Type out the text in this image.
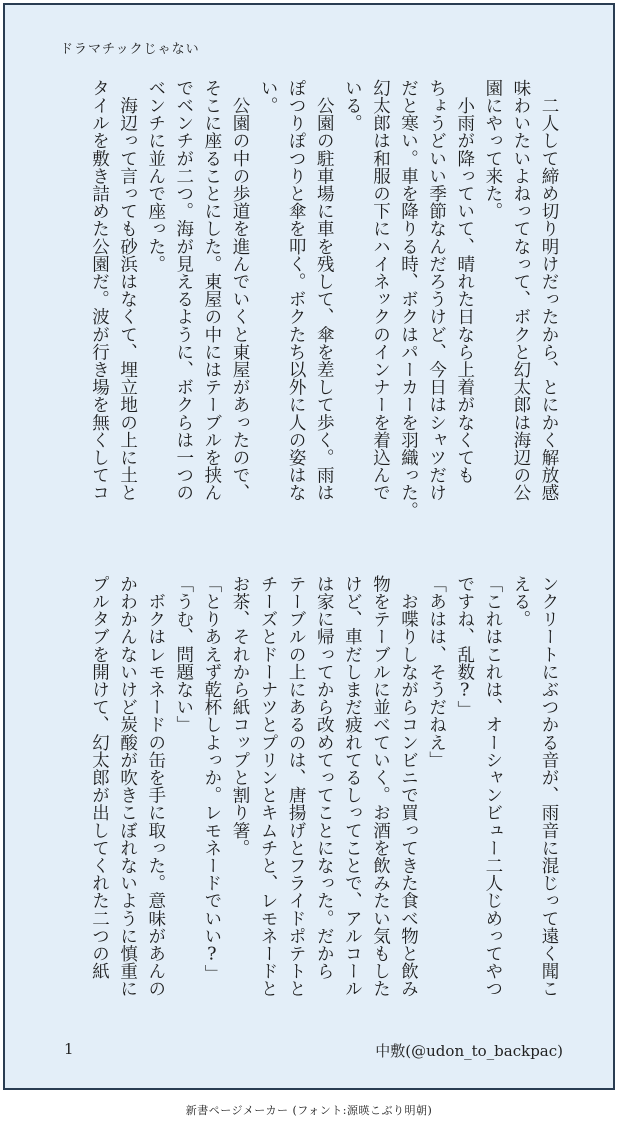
ドラマチックじゃない
　二人して締め切り明けだったから、とにかく解放感
味わいたいよねってなって、ボクと幻太郎は海辺の公
園にやって来た。
　小雨が降っていて、晴れた日なら上着がなくても
ちょうどいい季節なんだろうけど、今日はシャツだけ
だと寒い。車を降りる時、ボクはパーカーを羽織った。
幻太郎は和服の下にハイネックのインナーを着込んで
いる。
　公園の駐車場に車を残して、傘を差して歩く。雨は
ぽつりぽつりと傘を叩く。ボクたち以外に人の姿はな
い。
　公園の中の歩道を進んでいくと東屋があったので、
そこに座ることにした。東屋の中にはテーブルを挟ん
でベンチが二つ。海が見えるように、ボクらは一つの
ベンチに並んで座った。
　海辺って言っても砂浜はなくて、埋立地の上に土と
タイルを敷き詰めた公園だ。波が行き場を無くしてコ
ンクリートにぶつかる音が、雨音に混じって遠く聞こ
える。
「これはこれは、オーシャンビュー二人じめってやつ
ですね、乱数?」
「あはは、そうだねえ」
　お喋りしながらコンビニで買ってきた食べ物と飲み
物をテーブルに並べていく。お酒を飲みたい気もした
けど、車だしまだ疲れてるしってことで、アルコール
は家に帰ってから改めてってことになった。だから
テーブルの上にあるのは、唐揚げとフライドポテトと
チーズとドーナツとプリンとキムチと、レモネードと
お茶、それから紙コップと割り箸。
「とりあえず乾杯しよっか。レモネードでいい?」
「うむ、問題ない」
　ボクはレモネードの缶を手に取った。意味があんの
かわかんないけど炭酸が吹きこぼれないように慎重に
プルタブを開けて、幻太郎が出してくれた二つの紙
1	中敷(@udon_to_backpac)
新書ページメーカー (フォント:源暎こぶり明朝)
